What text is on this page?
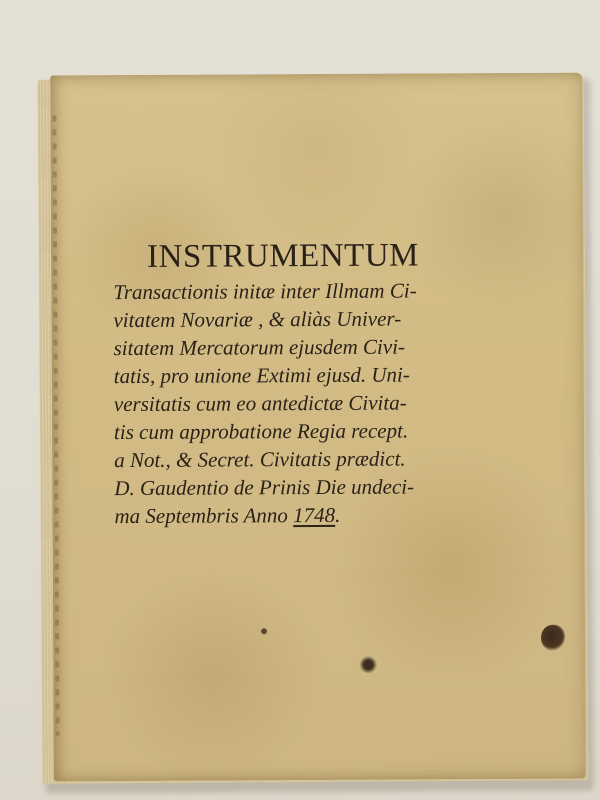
INSTRUMENTUM

Transactionis initæ inter Illmam Ci-

vitatem Novariæ , & aliàs Univer-

sitatem Mercatorum ejusdem Civi-

tatis, pro unione Extimi ejusd. Uni-

versitatis cum eo antedictæ Civita-

tis cum approbatione Regia recept.

a Not., & Secret. Civitatis prædict.

D. Gaudentio de Prinis Die undeci-

ma Septembris Anno 1748.
